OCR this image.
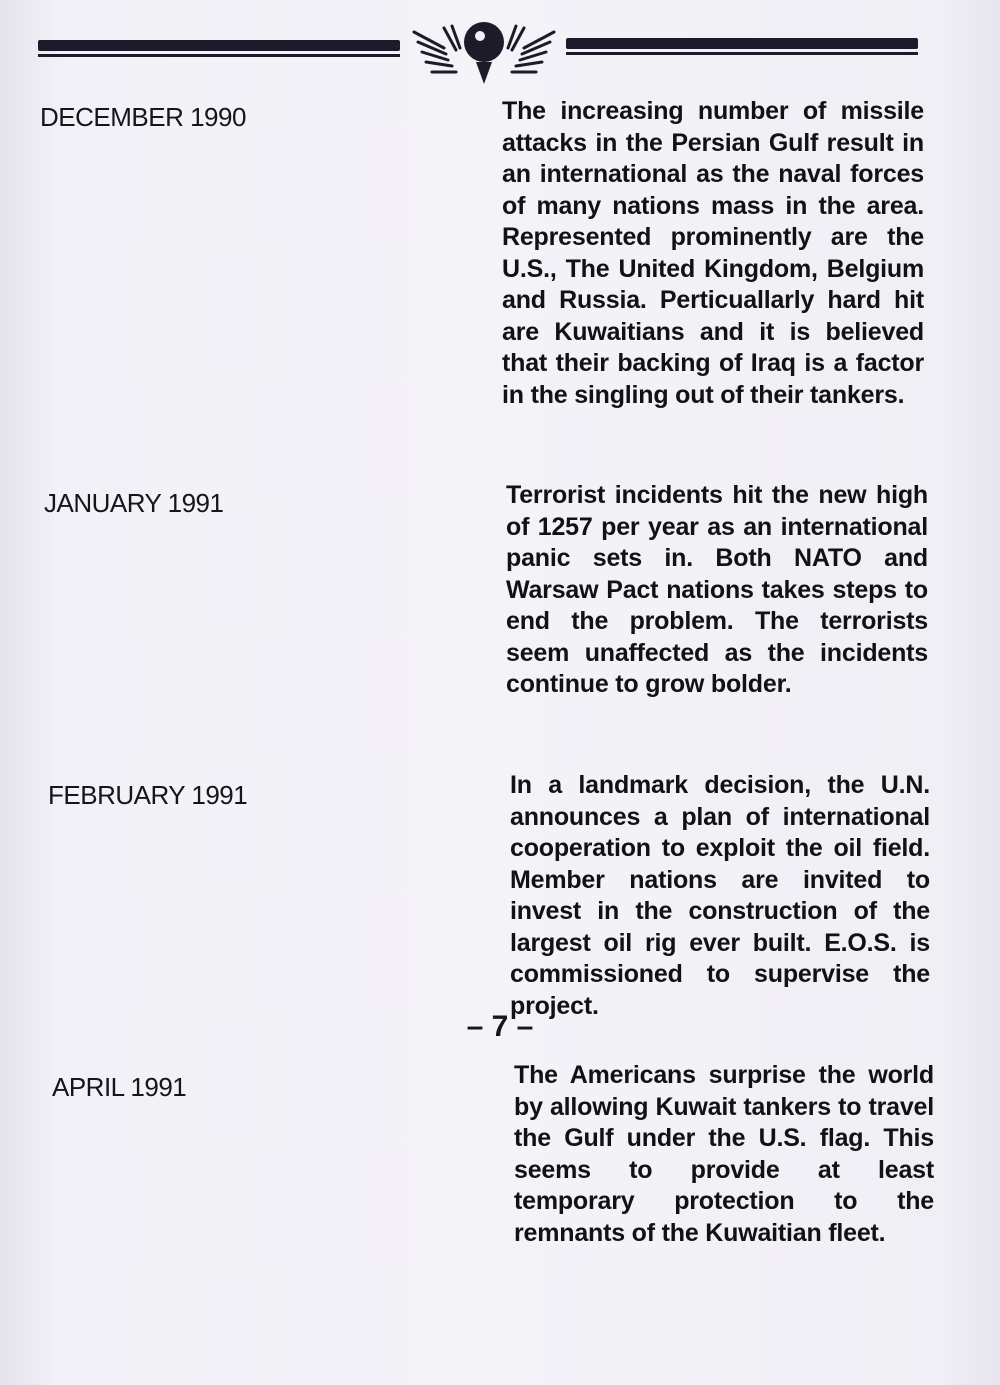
DECEMBER 1990	The increasing number of missile attacks in the Persian Gulf result in an international as the naval forces of many nations mass in the area. Represented prominently are the U.S., The United Kingdom, Belgium and Russia. Perticuallarly hard hit are Kuwaitians and it is believed that their backing of Iraq is a factor in the singling out of their tankers.
JANUARY 1991	Terrorist incidents hit the new high of 1257 per year as an international panic sets in. Both NATO and Warsaw Pact nations takes steps to end the problem. The terrorists seem unaffected as the incidents continue to grow bolder.
FEBRUARY 1991	In a landmark decision, the U.N. announces a plan of international cooperation to exploit the oil field. Member nations are invited to invest in the construction of the largest oil rig ever built. E.O.S. is commissioned to supervise the project.
APRIL 1991	The Americans surprise the world by allowing Kuwait tankers to travel the Gulf under the U.S. flag. This seems to provide at least temporary protection to the remnants of the Kuwaitian fleet.
– 7 –
